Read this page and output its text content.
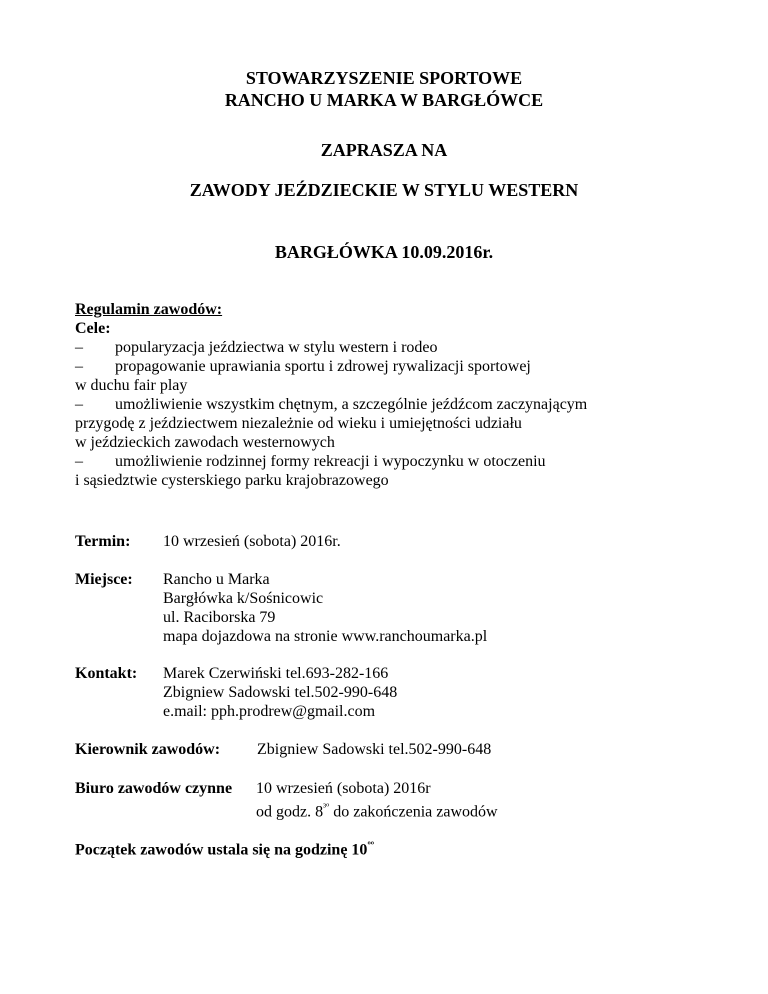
STOWARZYSZENIE SPORTOWE
RANCHO U MARKA W BARGŁÓWCE
ZAPRASZA NA
ZAWODY JEŹDZIECKIE W STYLU WESTERN
BARGŁÓWKA 10.09.2016r.
Regulamin zawodów:
Cele:
–	popularyzacja jeździectwa w stylu western i rodeo
–	propagowanie uprawiania sportu i zdrowej rywalizacji sportowej
w duchu fair play
–	umożliwienie wszystkim chętnym, a szczególnie jeźdźcom zaczynającym
przygodę z jeździectwem niezależnie od wieku i umiejętności udziału
w jeździeckich zawodach westernowych
–	umożliwienie rodzinnej formy rekreacji i wypoczynku w otoczeniu
i sąsiedztwie cysterskiego parku krajobrazowego
Termin: 10 wrzesień (sobota) 2016r.
Miejsce: Rancho u Marka
Bargłówka k/Sośnicowic
ul. Raciborska 79
mapa dojazdowa na stronie www.ranchoumarka.pl
Kontakt: Marek Czerwiński tel.693-282-166
Zbigniew Sadowski tel.502-990-648
e.mail: pph.prodrew@gmail.com
Kierownik zawodów: Zbigniew Sadowski tel.502-990-648
Biuro zawodów czynne 10 wrzesień (sobota) 2016r
od godz. $8^{^3º}$ do zakończenia zawodów
Początek zawodów ustala się na godzinę $10^{ºº}$
